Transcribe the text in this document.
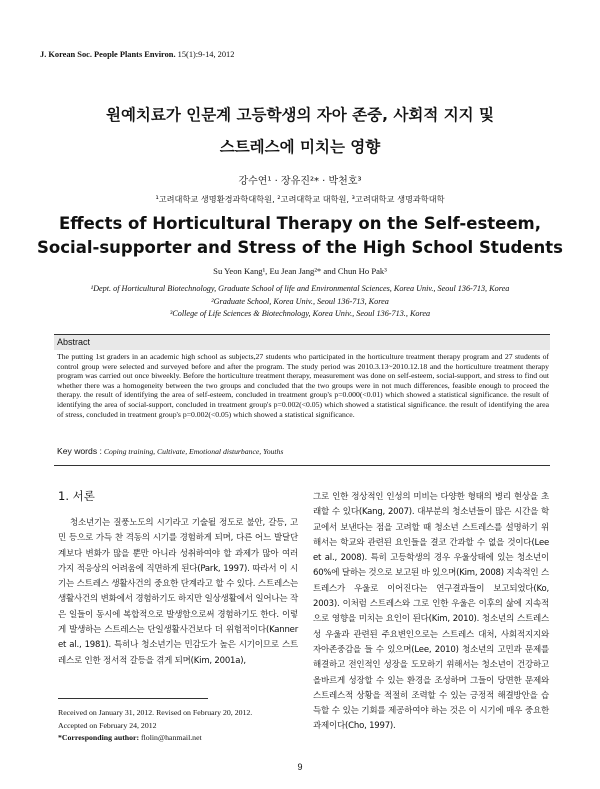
J. Korean Soc. People Plants Environ. 15(1):9-14, 2012
원예치료가 인문계 고등학생의 자아 존중, 사회적 지지 및
스트레스에 미치는 영향
강수연¹ · 장유진²* · 박천호³
¹고려대학교 생명환경과학대학원, ²고려대학교 대학원, ³고려대학교 생명과학대학
Effects of Horticultural Therapy on the Self-esteem,
Social-supporter and Stress of the High School Students
Su Yeon Kang¹, Eu Jean Jang²* and Chun Ho Pak³
¹Dept. of Horticultural Biotechnology, Graduate School of life and Environmental Sciences, Korea Univ., Seoul 136-713, Korea
²Graduate School, Korea Univ., Seoul 136-713, Korea
³College of Life Sciences & Biotechnology, Korea Univ., Seoul 136-713., Korea
Abstract
The putting 1st graders in an academic high school as subjects,27 students who participated in the horticulture treatment therapy program and 27 students of control group were selected and surveyed before and after the program. The study period was 2010.3.13~2010.12.18 and the horticulture treatment therapy program was carried out once biweekly. Before the horticulture treatment therapy, measurement was done on self-esteem, social-support, and stress to find out whether there was a homogeneity between the two groups and concluded that the two groups were in not much differences, feasible enough to proceed the therapy. the result of identifying the area of self-esteem, concluded in treatment group's p=0.000(<0.01) which showed a statistical significance. the result of identifying the area of social-support, concluded in treatment group's p=0.002(<0.05) which showed a statistical significance. the result of identifying the area of stress, concluded in treatment group's p=0.002(<0.05) which showed a statistical significance.
Key words : Coping training, Cultivate, Emotional disturbance, Youths
1. 서론

청소년기는 질풍노도의 시기라고 기술될 정도로 불안, 갈등, 고민 등으로 가득 찬 격동의 시기를 경험하게 되며, 다른 어느 발달단계보다 변화가 많을 뿐만 아니라 성취하여야 할 과제가 많아 여러 가지 적응상의 어려움에 직면하게 된다(Park, 1997). 따라서 이 시기는 스트레스 생활사건의 중요한 단계라고 할 수 있다. 스트레스는 생활사건의 변화에서 경험하기도 하지만 일상생활에서 일어나는 작은 일들이 동시에 복합적으로 발생함으로써 경험하기도 한다. 이렇게 발생하는 스트레스는 단일생활사건보다 더 위험적이다(Kanner et al., 1981). 특히나 청소년기는 민감도가 높은 시기이므로 스트레스로 인한 정서적 갈등을 겪게 되며(Kim, 2001a),

그로 인한 정상적인 인성의 미비는 다양한 형태의 병리 현상을 초래할 수 있다(Kang, 2007). 대부분의 청소년들이 많은 시간을 학교에서 보낸다는 점을 고려할 때 청소년 스트레스를 설명하기 위해서는 학교와 관련된 요인들을 결코 간과할 수 없을 것이다(Lee et al., 2008). 특히 고등학생의 경우 우울상태에 있는 청소년이 60%에 달하는 것으로 보고된 바 있으며(Kim, 2008) 지속적인 스트레스가 우울로 이어진다는 연구결과들이 보고되었다(Ko, 2003). 이처럼 스트레스와 그로 인한 우울은 이후의 삶에 지속적으로 영향을 미치는 요인이 된다(Kim, 2010). 청소년의 스트레스성 우울과 관련된 주요변인으로는 스트레스 대처, 사회적지지와 자아존중감을 들 수 있으며(Lee, 2010) 청소년의 고민과 문제를 해결하고 전인적인 성장을 도모하기 위해서는 청소년이 건강하고 올바르게 성장할 수 있는 환경을 조성하며 그들이 당면한 문제와 스트레스적 상황을 적절히 조력할 수 있는 긍정적 해결방안을 습득할 수 있는 기회를 제공하여야 하는 것은 이 시기에 매우 중요한 과제이다(Cho, 1997).

Received on January 31, 2012. Revised on February 20, 2012.
Accepted on February 24, 2012
*Corresponding author: flolin@hanmail.net
9
